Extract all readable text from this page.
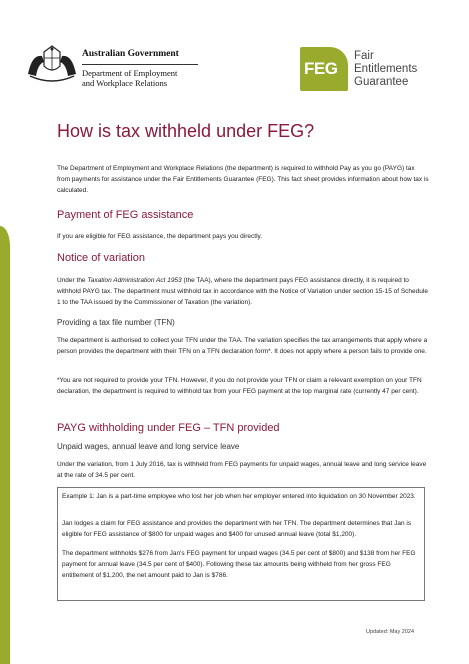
Australian Government
Department of Employment
and Workplace Relations
FEG
Fair
Entitlements
Guarantee
How is tax withheld under FEG?

The Department of Employment and Workplace Relations (the department) is required to withhold Pay as you go (PAYG) tax from payments for assistance under the Fair Entitlements Guarantee (FEG). This fact sheet provides information about how tax is calculated.

Payment of FEG assistance

If you are eligible for FEG assistance, the department pays you directly.

Notice of variation

Under the Taxation Administration Act 1953 (the TAA), where the department pays FEG assistance directly, it is required to withhold PAYG tax. The department must withhold tax in accordance with the Notice of Variation under section 15-15 of Schedule 1 to the TAA issued by the Commissioner of Taxation (the variation).

Providing a tax file number (TFN)

The department is authorised to collect your TFN under the TAA. The variation specifies the tax arrangements that apply where a person provides the department with their TFN on a TFN declaration form*. It does not apply where a person fails to provide one.

*You are not required to provide your TFN. However, if you do not provide your TFN or claim a relevant exemption on your TFN declaration, the department is required to withhold tax from your FEG payment at the top marginal rate (currently 47 per cent).

PAYG withholding under FEG – TFN provided
Unpaid wages, annual leave and long service leave

Under the variation, from 1 July 2016, tax is withheld from FEG payments for unpaid wages, annual leave and long service leave at the rate of 34.5 per cent.

Example 1: Jan is a part-time employee who lost her job when her employer entered into liquidation on 30 November 2023.

Jan lodges a claim for FEG assistance and provides the department with her TFN. The department determines that Jan is eligible for FEG assistance of $800 for unpaid wages and $400 for unused annual leave (total $1,200).

The department withholds $276 from Jan's FEG payment for unpaid wages (34.5 per cent of $800) and $138 from her FEG payment for annual leave (34.5 per cent of $400). Following these tax amounts being withheld from her gross FEG entitlement of $1,200, the net amount paid to Jan is $786.

Updated: May 2024
